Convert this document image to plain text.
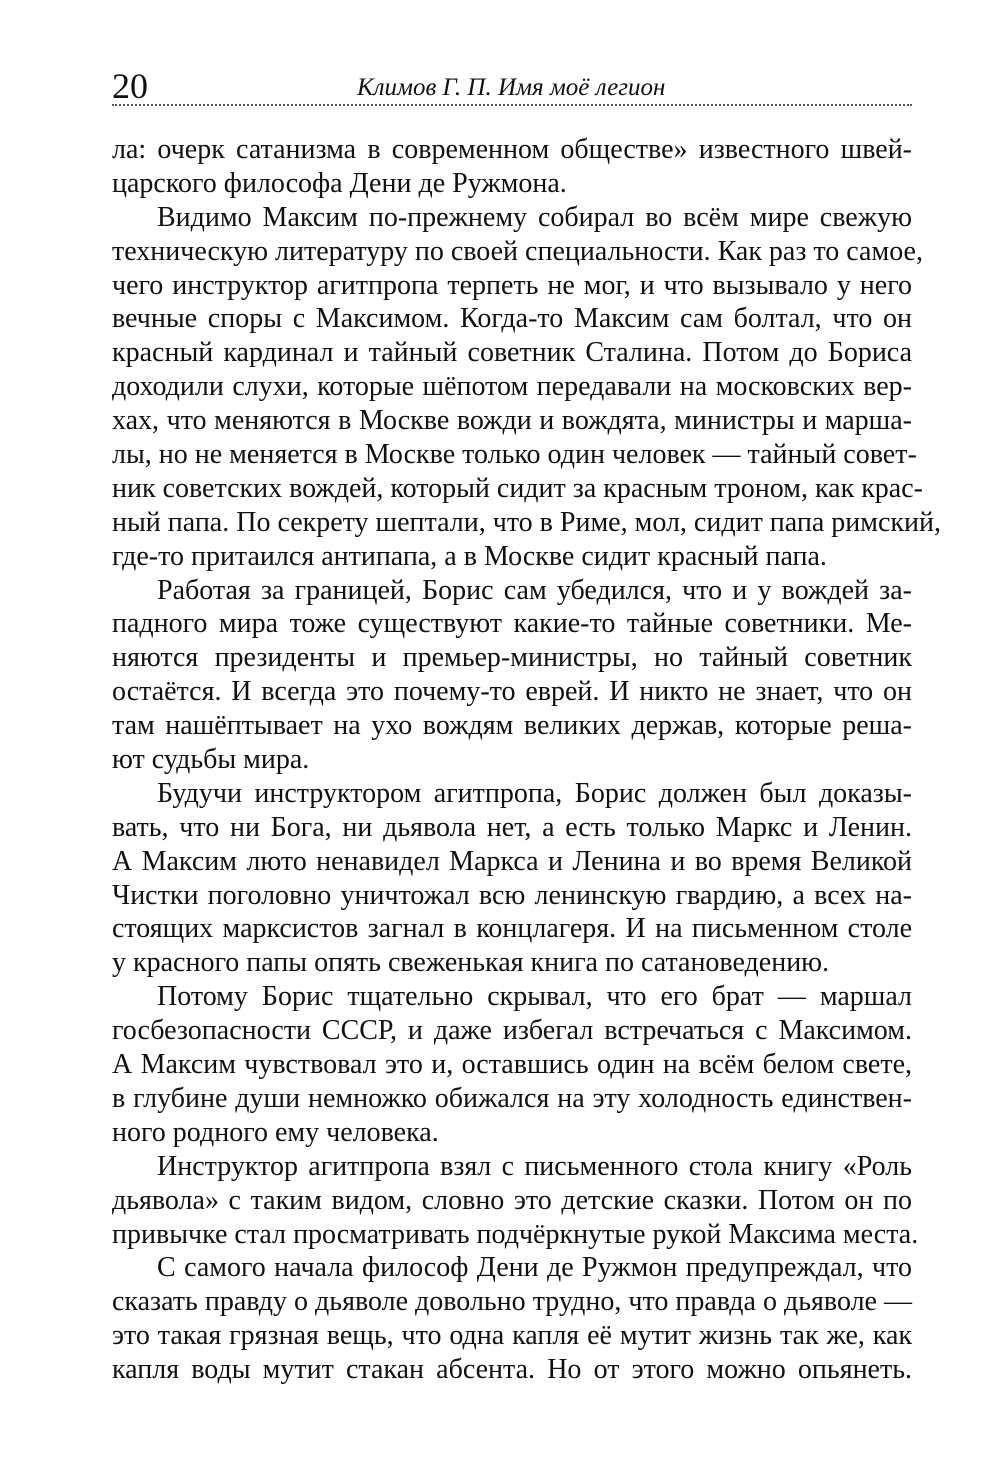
20	Климов Г. П. Имя моё легион
ла: очерк сатанизма в современном обществе» известного швей-
царского философа Дени де Ружмона.
Видимо Максим по-прежнему собирал во всём мире свежую
техническую литературу по своей специальности. Как раз то самое,
чего инструктор агитпропа терпеть не мог, и что вызывало у него
вечные споры с Максимом. Когда-то Максим сам болтал, что он
красный кардинал и тайный советник Сталина. Потом до Бориса
доходили слухи, которые шёпотом передавали на московских вер-
хах, что меняются в Москве вожди и вождята, министры и марша-
лы, но не меняется в Москве только один человек — тайный совет-
ник советских вождей, который сидит за красным троном, как крас-
ный папа. По секрету шептали, что в Риме, мол, сидит папа римский,
где-то притаился антипапа, а в Москве сидит красный папа.
Работая за границей, Борис сам убедился, что и у вождей за-
падного мира тоже существуют какие-то тайные советники. Ме-
няются президенты и премьер-министры, но тайный советник
остаётся. И всегда это почему-то еврей. И никто не знает, что он
там нашёптывает на ухо вождям великих держав, которые реша-
ют судьбы мира.
Будучи инструктором агитпропа, Борис должен был доказы-
вать, что ни Бога, ни дьявола нет, а есть только Маркс и Ленин.
А Максим люто ненавидел Маркса и Ленина и во время Великой
Чистки поголовно уничтожал всю ленинскую гвардию, а всех на-
стоящих марксистов загнал в концлагеря. И на письменном столе
у красного папы опять свеженькая книга по сатановедению.
Потому Борис тщательно скрывал, что его брат — маршал
госбезопасности СССР, и даже избегал встречаться с Максимом.
А Максим чувствовал это и, оставшись один на всём белом свете,
в глубине души немножко обижался на эту холодность единствен-
ного родного ему человека.
Инструктор агитпропа взял с письменного стола книгу «Роль
дьявола» с таким видом, словно это детские сказки. Потом он по
привычке стал просматривать подчёркнутые рукой Максима места.
С самого начала философ Дени де Ружмон предупреждал, что
сказать правду о дьяволе довольно трудно, что правда о дьяволе —
это такая грязная вещь, что одна капля её мутит жизнь так же, как
капля воды мутит стакан абсента. Но от этого можно опьянеть.
